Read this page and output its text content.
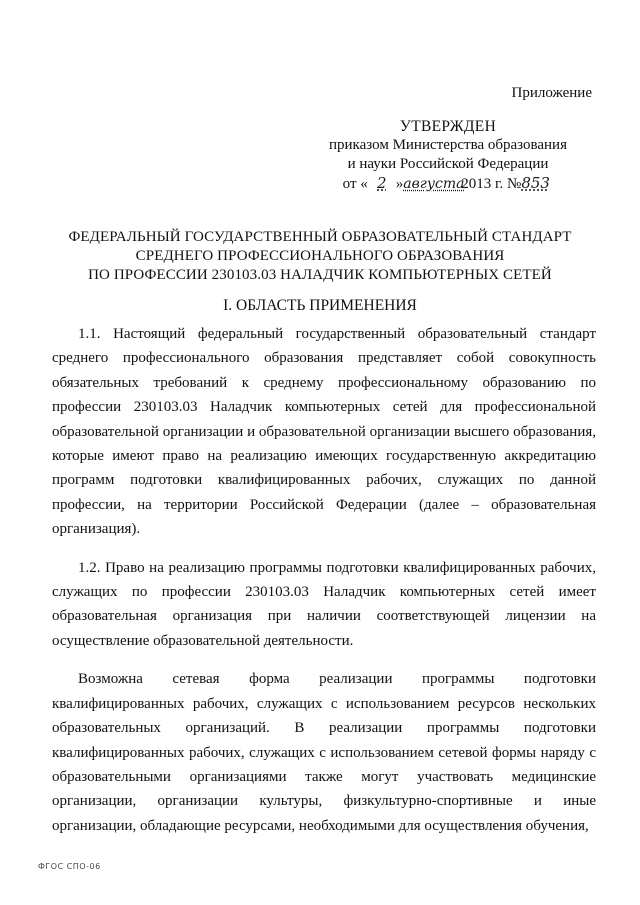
Приложение
УТВЕРЖДЕН
приказом Министерства образования
и науки Российской Федерации
от « 2 »августа2013 г. №853
ФЕДЕРАЛЬНЫЙ ГОСУДАРСТВЕННЫЙ ОБРАЗОВАТЕЛЬНЫЙ СТАНДАРТ
СРЕДНЕГО ПРОФЕССИОНАЛЬНОГО ОБРАЗОВАНИЯ
ПО ПРОФЕССИИ 230103.03 НАЛАДЧИК КОМПЬЮТЕРНЫХ СЕТЕЙ
I. ОБЛАСТЬ ПРИМЕНЕНИЯ

1.1. Настоящий федеральный государственный образовательный стандарт среднего профессионального образования представляет собой совокупность обязательных требований к среднему профессиональному образованию по профессии 230103.03 Наладчик компьютерных сетей для профессиональной образовательной организации и образовательной организации высшего образования, которые имеют право на реализацию имеющих государственную аккредитацию программ подготовки квалифицированных рабочих, служащих по данной профессии, на территории Российской Федерации (далее – образовательная организация).

1.2. Право на реализацию программы подготовки квалифицированных рабочих, служащих по профессии 230103.03 Наладчик компьютерных сетей имеет образовательная организация при наличии соответствующей лицензии на осуществление образовательной деятельности.

Возможна сетевая форма реализации программы подготовки квалифицированных рабочих, служащих с использованием ресурсов нескольких образовательных организаций. В реализации программы подготовки квалифицированных рабочих, служащих с использованием сетевой формы наряду с образовательными организациями также могут участвовать медицинские организации, организации культуры, физкультурно-спортивные и иные организации, обладающие ресурсами, необходимыми для осуществления обучения,

ФГОС СПО-06
